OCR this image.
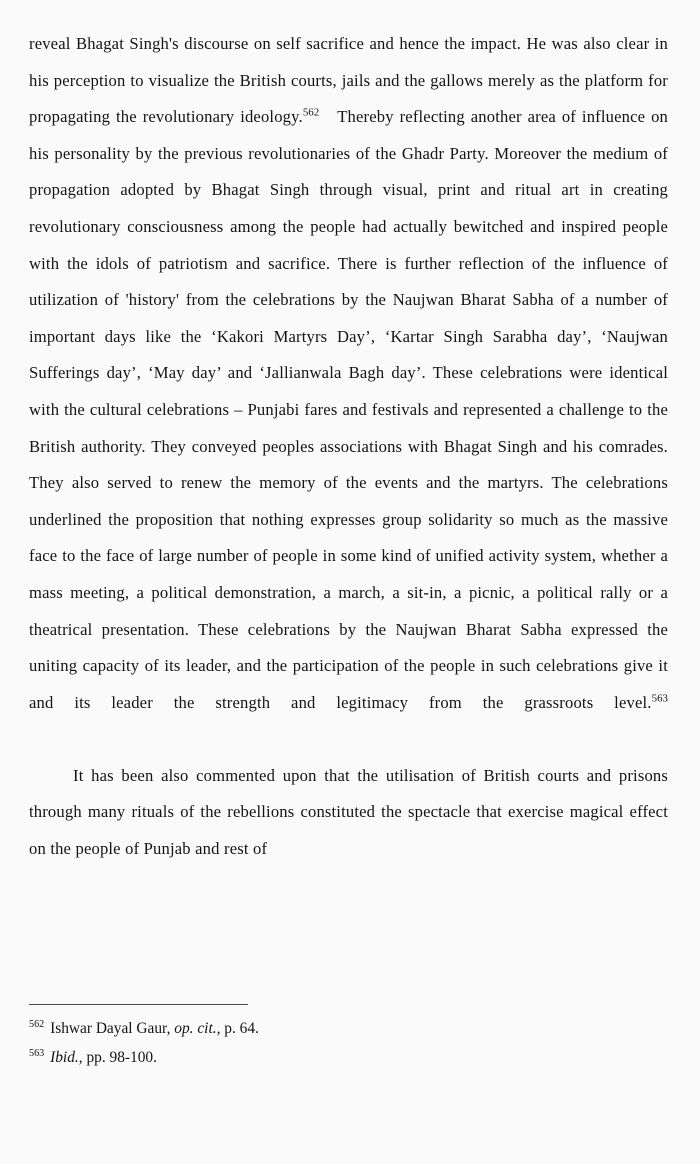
reveal Bhagat Singh's discourse on self sacrifice and hence the impact. He was also clear in his perception to visualize the British courts, jails and the gallows merely as the platform for propagating the revolutionary ideology.$^{562}$ Thereby reflecting another area of influence on his personality by the previous revolutionaries of the Ghadr Party. Moreover the medium of propagation adopted by Bhagat Singh through visual, print and ritual art in creating revolutionary consciousness among the people had actually bewitched and inspired people with the idols of patriotism and sacrifice. There is further reflection of the influence of utilization of 'history' from the celebrations by the Naujwan Bharat Sabha of a number of important days like the ‘Kakori Martyrs Day’, ‘Kartar Singh Sarabha day’, ‘Naujwan Sufferings day’, ‘May day’ and ‘Jallianwala Bagh day’. These celebrations were identical with the cultural celebrations – Punjabi fares and festivals and represented a challenge to the British authority. They conveyed peoples associations with Bhagat Singh and his comrades. They also served to renew the memory of the events and the martyrs. The celebrations underlined the proposition that nothing expresses group solidarity so much as the massive face to the face of large number of people in some kind of unified activity system, whether a mass meeting, a political demonstration, a march, a sit-in, a picnic, a political rally or a theatrical presentation. These celebrations by the Naujwan Bharat Sabha expressed the uniting capacity of its leader, and the participation of the people in such celebrations give it and its leader the strength and legitimacy from the grassroots level.$^{563}$

It has been also commented upon that the utilisation of British courts and prisons through many rituals of the rebellions constituted the spectacle that exercise magical effect on the people of Punjab and rest of

$^{562}$ Ishwar Dayal Gaur, op. cit., p. 64.

$^{563}$ Ibid., pp. 98-100.
